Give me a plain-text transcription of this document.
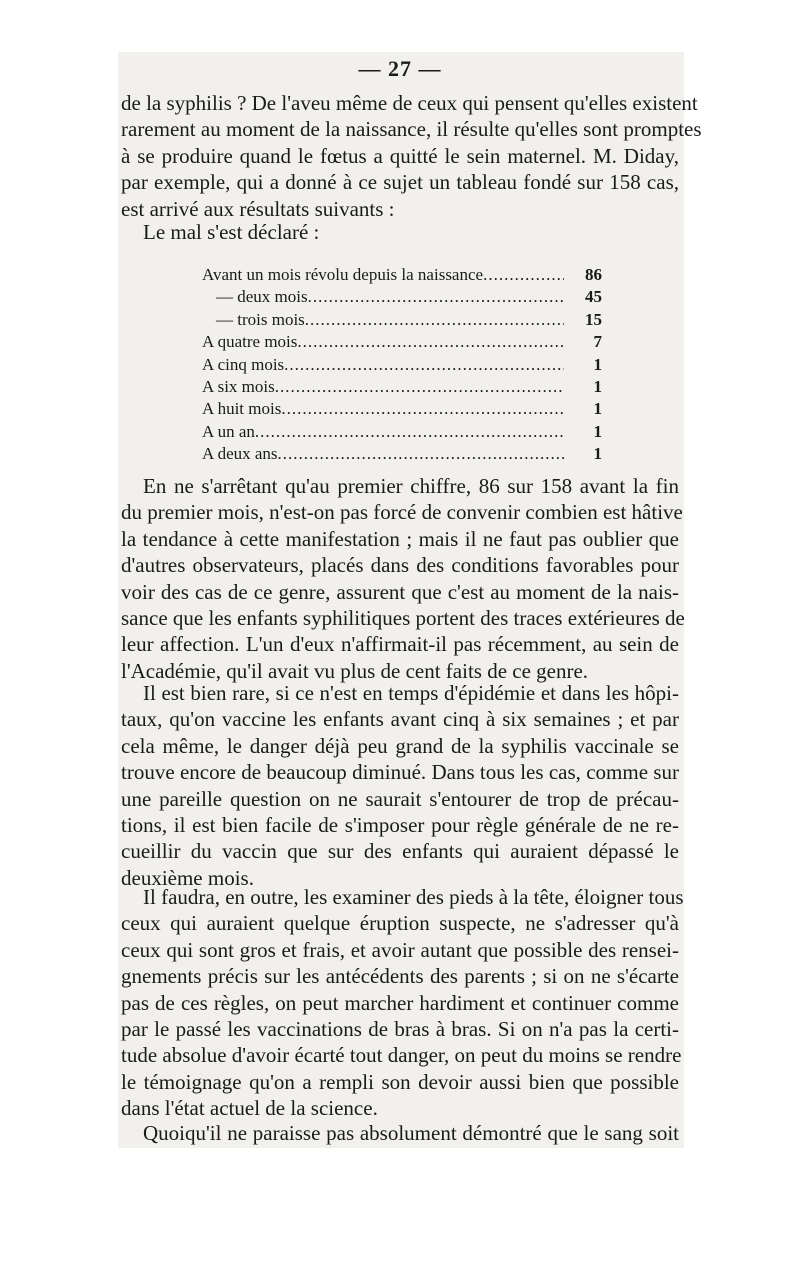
— 27 —
de la syphilis ? De l'aveu même de ceux qui pensent qu'elles existent
rarement au moment de la naissance, il résulte qu'elles sont promptes
à se produire quand le fœtus a quitté le sein maternel. M. Diday,
par exemple, qui a donné à ce sujet un tableau fondé sur 158 cas,
est arrivé aux résultats suivants :
Le mal s'est déclaré :
Avant un mois révolu depuis la naissance .....	86
— deux mois .....	45
— trois mois .....	15
A quatre mois .....	7
A cinq mois .....	1
A six mois .....	1
A huit mois .....	1
A un an .....	1
A deux ans .....	1
En ne s'arrêtant qu'au premier chiffre, 86 sur 158 avant la fin
du premier mois, n'est-on pas forcé de convenir combien est hâtive
la tendance à cette manifestation ; mais il ne faut pas oublier que
d'autres observateurs, placés dans des conditions favorables pour
voir des cas de ce genre, assurent que c'est au moment de la nais-
sance que les enfants syphilitiques portent des traces extérieures de
leur affection. L'un d'eux n'affirmait-il pas récemment, au sein de
l'Académie, qu'il avait vu plus de cent faits de ce genre.
Il est bien rare, si ce n'est en temps d'épidémie et dans les hôpi-
taux, qu'on vaccine les enfants avant cinq à six semaines ; et par
cela même, le danger déjà peu grand de la syphilis vaccinale se
trouve encore de beaucoup diminué. Dans tous les cas, comme sur
une pareille question on ne saurait s'entourer de trop de précau-
tions, il est bien facile de s'imposer pour règle générale de ne re-
cueillir du vaccin que sur des enfants qui auraient dépassé le
deuxième mois.
Il faudra, en outre, les examiner des pieds à la tête, éloigner tous
ceux qui auraient quelque éruption suspecte, ne s'adresser qu'à
ceux qui sont gros et frais, et avoir autant que possible des rensei-
gnements précis sur les antécédents des parents ; si on ne s'écarte
pas de ces règles, on peut marcher hardiment et continuer comme
par le passé les vaccinations de bras à bras. Si on n'a pas la certi-
tude absolue d'avoir écarté tout danger, on peut du moins se rendre
le témoignage qu'on a rempli son devoir aussi bien que possible
dans l'état actuel de la science.
Quoiqu'il ne paraisse pas absolument démontré que le sang soit
